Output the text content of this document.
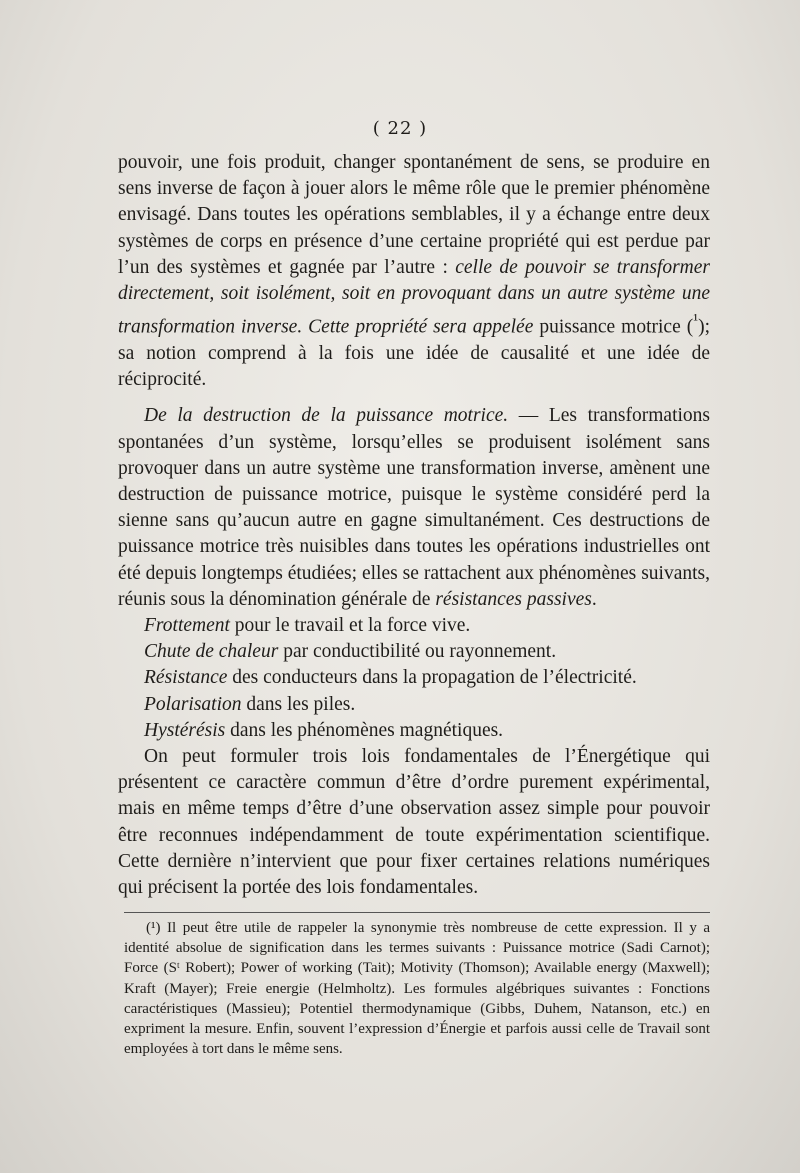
( 22 )

pouvoir, une fois produit, changer spontanément de sens, se produire en sens inverse de façon à jouer alors le même rôle que le premier phénomène envisagé. Dans toutes les opérations semblables, il y a échange entre deux systèmes de corps en présence d’une certaine propriété qui est perdue par l’un des systèmes et gagnée par l’autre : celle de pouvoir se transformer directement, soit isolément, soit en provoquant dans un autre système une transformation inverse. Cette propriété sera appelée puissance motrice ($^{^1}$); sa notion comprend à la fois une idée de causalité et une idée de réciprocité.

De la destruction de la puissance motrice. — Les transformations spontanées d’un système, lorsqu’elles se produisent isolément sans provoquer dans un autre système une transformation inverse, amènent une destruction de puissance motrice, puisque le système considéré perd la sienne sans qu’aucun autre en gagne simultanément. Ces destructions de puissance motrice très nuisibles dans toutes les opérations industrielles ont été depuis longtemps étudiées; elles se rattachent aux phénomènes suivants, réunis sous la dénomination générale de résistances passives.

Frottement pour le travail et la force vive.

Chute de chaleur par conductibilité ou rayonnement.

Résistance des conducteurs dans la propagation de l’électricité.

Polarisation dans les piles.

Hystérésis dans les phénomènes magnétiques.

On peut formuler trois lois fondamentales de l’Énergétique qui présentent ce caractère commun d’être d’ordre purement expérimental, mais en même temps d’être d’une observation assez simple pour pouvoir être reconnues indépendamment de toute expérimentation scientifique. Cette dernière n’intervient que pour fixer certaines relations numériques qui précisent la portée des lois fondamentales.

(¹) Il peut être utile de rappeler la synonymie très nombreuse de cette expression. Il y a identité absolue de signification dans les termes suivants : Puissance motrice (Sadi Carnot); Force (Sᵗ Robert); Power of working (Tait); Motivity (Thomson); Available energy (Maxwell); Kraft (Mayer); Freie energie (Helmholtz). Les formules algébriques suivantes : Fonctions caractéristiques (Massieu); Potentiel thermodynamique (Gibbs, Duhem, Natanson, etc.) en expriment la mesure. Enfin, souvent l’expression d’Énergie et parfois aussi celle de Travail sont employées à tort dans le même sens.
